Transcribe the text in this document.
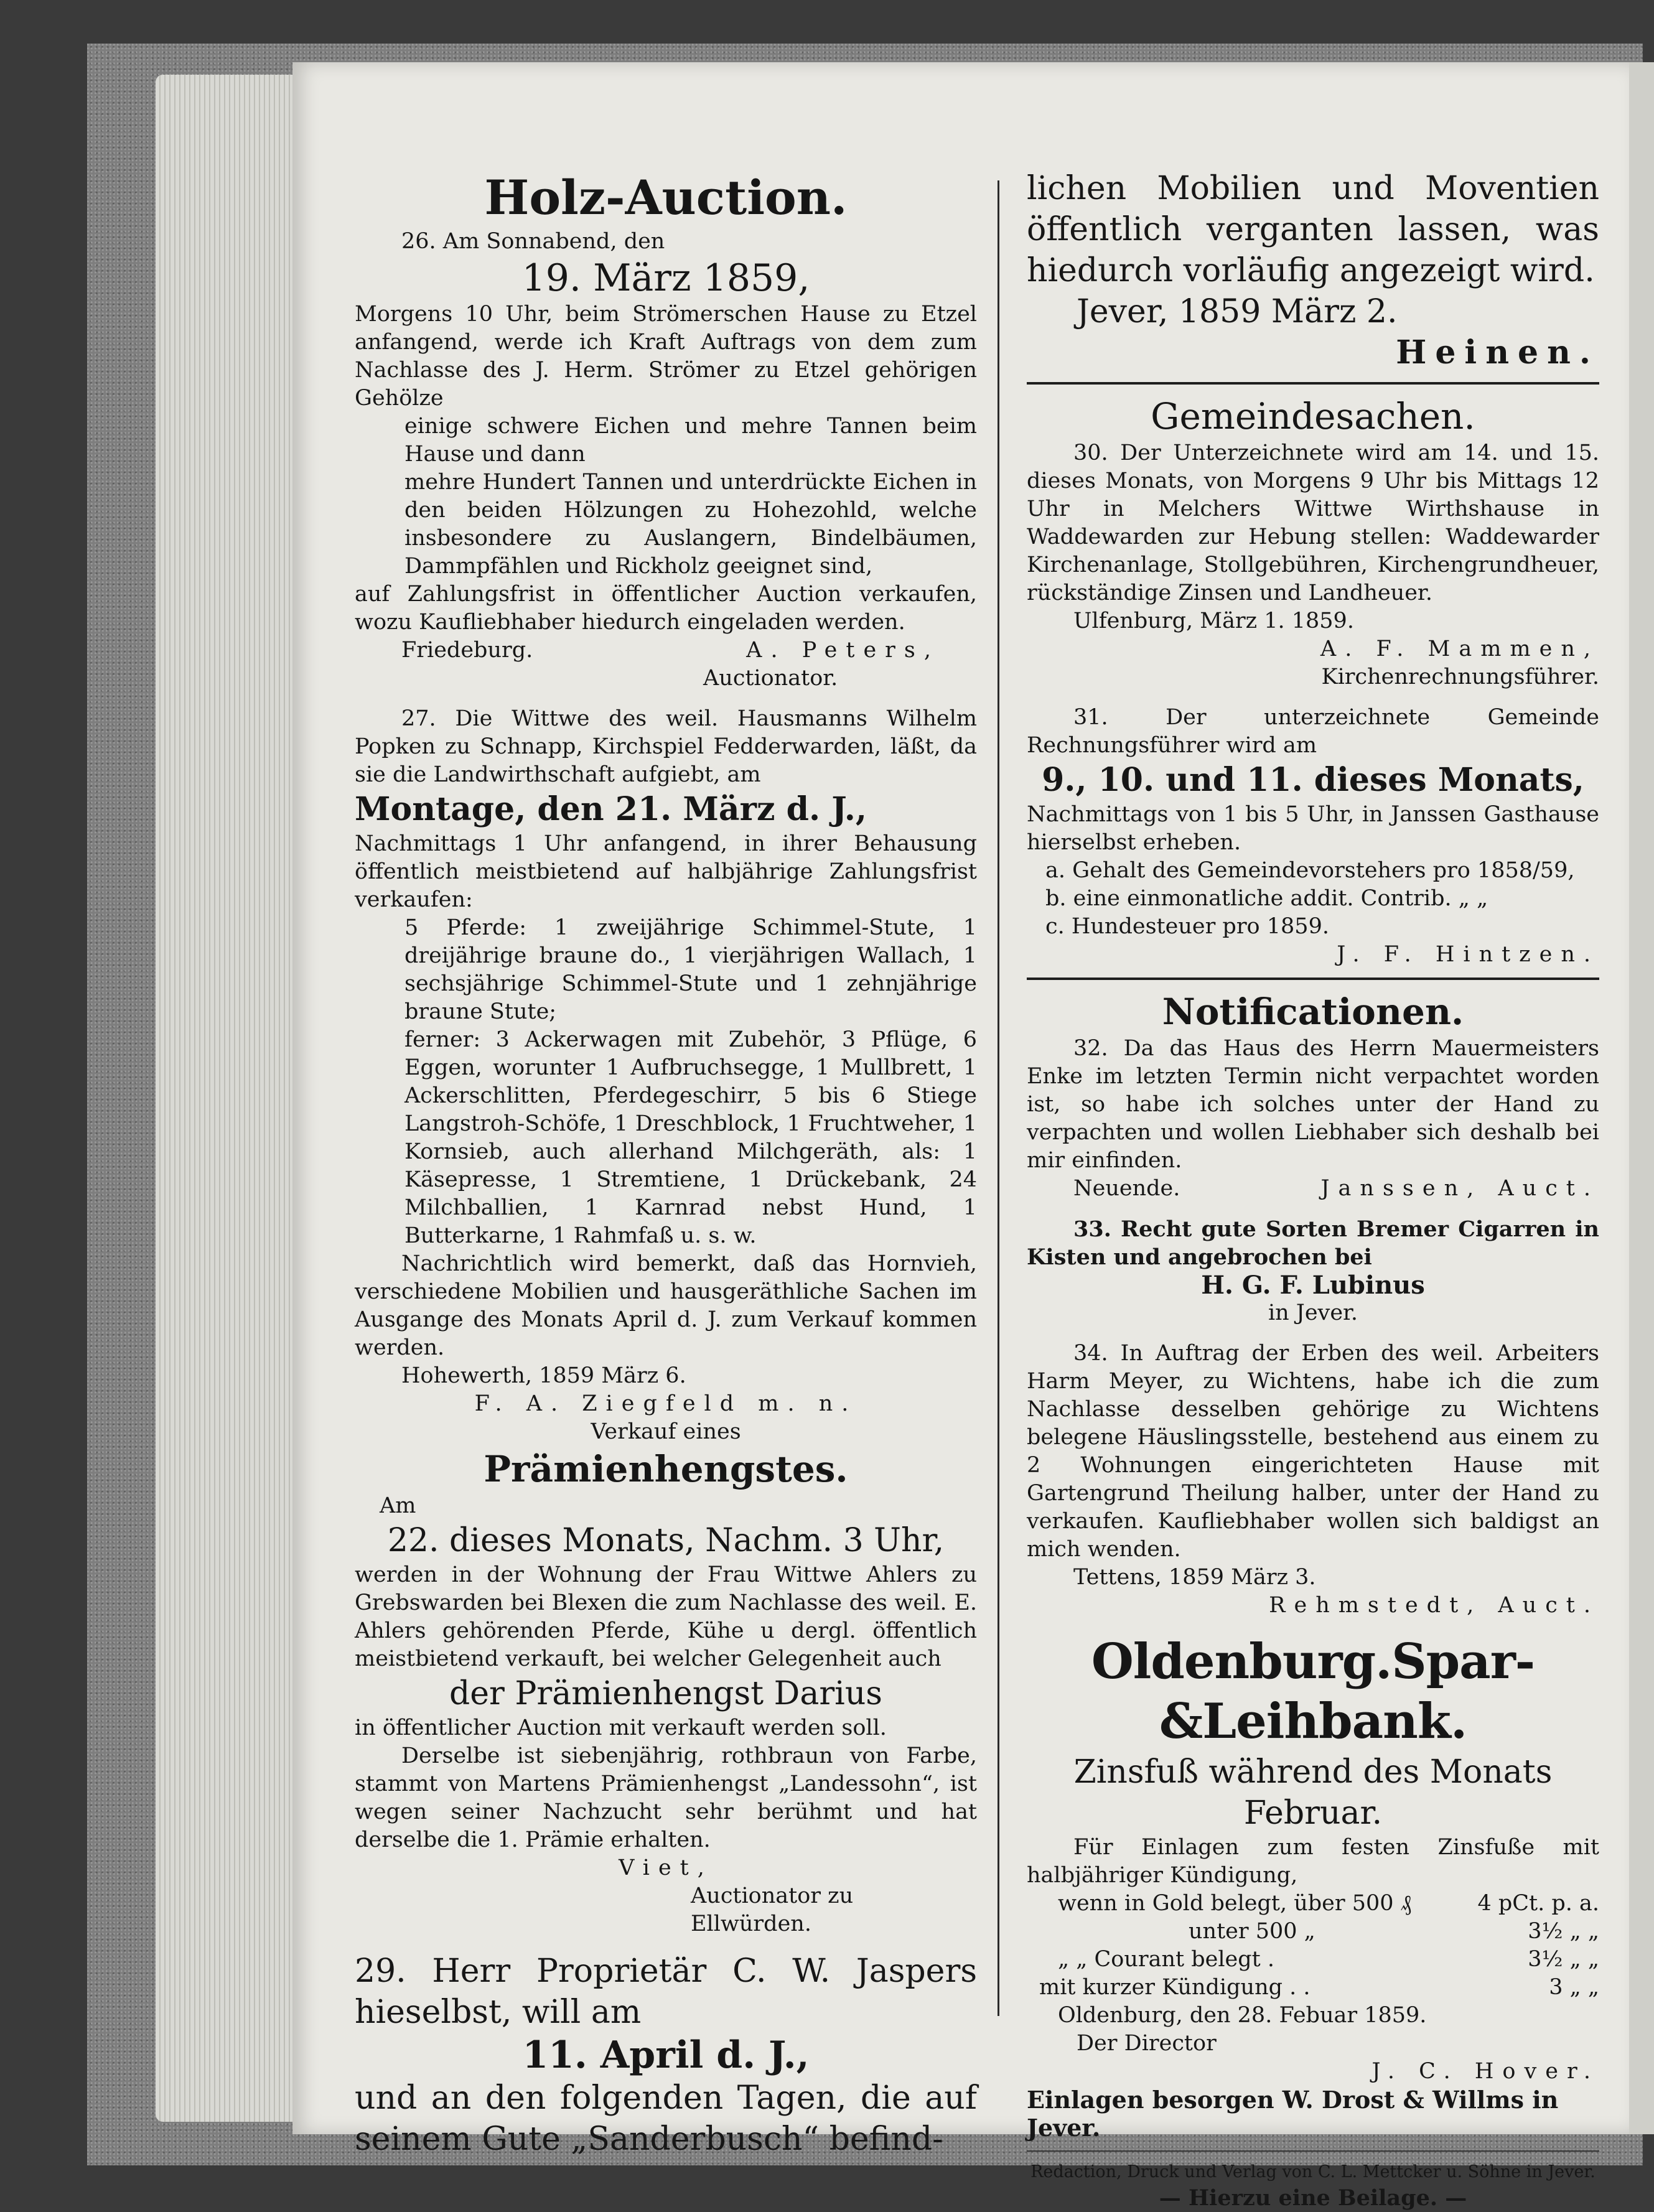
Holz-Auction.

26. Am Sonnabend, den

19. März 1859,

Morgens 10 Uhr, beim Strömerschen Hause zu Etzel anfangend, werde ich Kraft Auftrags von dem zum Nachlasse des J. Herm. Strömer zu Etzel gehörigen Gehölze

einige schwere Eichen und mehre Tannen beim Hause und dann

mehre Hundert Tannen und unterdrückte Eichen in den beiden Hölzungen zu Hohezohld, welche insbesondere zu Auslangern, Bindelbäumen, Dammpfählen und Rickholz geeignet sind,

auf Zahlungsfrist in öffentlicher Auction verkaufen, wozu Kaufliebhaber hiedurch eingeladen werden.

Friedeburg.	A. Peters,

Auctionator.

27. Die Wittwe des weil. Hausmanns Wilhelm Popken zu Schnapp, Kirchspiel Fedderwarden, läßt, da sie die Landwirthschaft aufgiebt, am

Montage, den 21. März d. J.,

Nachmittags 1 Uhr anfangend, in ihrer Behausung öffentlich meistbietend auf halbjährige Zahlungsfrist verkaufen:

5 Pferde: 1 zweijährige Schimmel-Stute, 1 dreijährige braune do., 1 vierjährigen Wallach, 1 sechsjährige Schimmel-Stute und 1 zehnjährige braune Stute;

ferner: 3 Ackerwagen mit Zubehör, 3 Pflüge, 6 Eggen, worunter 1 Aufbruchsegge, 1 Mullbrett, 1 Ackerschlitten, Pferdegeschirr, 5 bis 6 Stiege Langstroh-Schöfe, 1 Dreschblock, 1 Fruchtweher, 1 Kornsieb, auch allerhand Milchgeräth, als: 1 Käsepresse, 1 Stremtiene, 1 Drückebank, 24 Milchballien, 1 Karnrad nebst Hund, 1 Butterkarne, 1 Rahmfaß u. s. w.

Nachrichtlich wird bemerkt, daß das Hornvieh, verschiedene Mobilien und hausgeräthliche Sachen im Ausgange des Monats April d. J. zum Verkauf kommen werden.

Hohewerth, 1859 März 6.

F. A. Ziegfeld m. n.

Verkauf eines

Prämienhengstes.

Am

22. dieses Monats, Nachm. 3 Uhr,

werden in der Wohnung der Frau Wittwe Ahlers zu Grebswarden bei Blexen die zum Nachlasse des weil. E. Ahlers gehörenden Pferde, Kühe u dergl. öffentlich meistbietend verkauft, bei welcher Gelegenheit auch

der Prämienhengst Darius

in öffentlicher Auction mit verkauft werden soll.

Derselbe ist siebenjährig, rothbraun von Farbe, stammt von Martens Prämienhengst „Landessohn“, ist wegen seiner Nachzucht sehr berühmt und hat derselbe die 1. Prämie erhalten.

Viet,

Auctionator zu Ellwürden.

29. Herr Proprietär C. W. Jaspers hieselbst, will am

11. April d. J.,

und an den folgenden Tagen, die auf seinem Gute „Sanderbusch“ befind-

lichen Mobilien und Moventien öffentlich verganten lassen, was hiedurch vorläufig angezeigt wird.

Jever, 1859 März 2.

Heinen.

Gemeindesachen.

30. Der Unterzeichnete wird am 14. und 15. dieses Monats, von Morgens 9 Uhr bis Mittags 12 Uhr in Melchers Wittwe Wirthshause in Waddewarden zur Hebung stellen: Waddewarder Kirchenanlage, Stollgebühren, Kirchengrundheuer, rückständige Zinsen und Landheuer.

Ulfenburg, März 1. 1859.

A. F. Mammen,

Kirchenrechnungsführer.

31. Der unterzeichnete Gemeinde Rechnungsführer wird am

9., 10. und 11. dieses Monats,

Nachmittags von 1 bis 5 Uhr, in Janssen Gasthause hierselbst erheben.

a. Gehalt des Gemeindevorstehers pro 1858/59,

b. eine einmonatliche addit. Contrib. „ „

c. Hundesteuer pro 1859.

J. F. Hintzen.

Notificationen.

32. Da das Haus des Herrn Mauermeisters Enke im letzten Termin nicht verpachtet worden ist, so habe ich solches unter der Hand zu verpachten und wollen Liebhaber sich deshalb bei mir einfinden.

Neuende.	Janssen, Auct.

33. Recht gute Sorten Bremer Cigarren in Kisten und angebrochen bei

H. G. F. Lubinus

in Jever.

34. In Auftrag der Erben des weil. Arbeiters Harm Meyer, zu Wichtens, habe ich die zum Nachlasse desselben gehörige zu Wichtens belegene Häuslingsstelle, bestehend aus einem zu 2 Wohnungen eingerichteten Hause mit Gartengrund Theilung halber, unter der Hand zu verkaufen. Kaufliebhaber wollen sich baldigst an mich wenden.

Tettens, 1859 März 3.

Rehmstedt, Auct.

Oldenburg.Spar-&Leihbank.

Zinsfuß während des Monats Februar.

Für Einlagen zum festen Zinsfuße mit halbjähriger Kündigung,

wenn in Gold belegt, über 500 ₰	4 pCt. p. a.

unter 500 „	3½ „ „

„ „ Courant belegt .	3½ „ „

mit kurzer Kündigung . .	3 „ „

Oldenburg, den 28. Febuar 1859.

Der Director

J. C. Hover.

Einlagen besorgen W. Drost & Willms in Jever.

Redaction, Druck und Verlag von C. L. Mettcker u. Söhne in Jever.

— Hierzu eine Beilage. —
